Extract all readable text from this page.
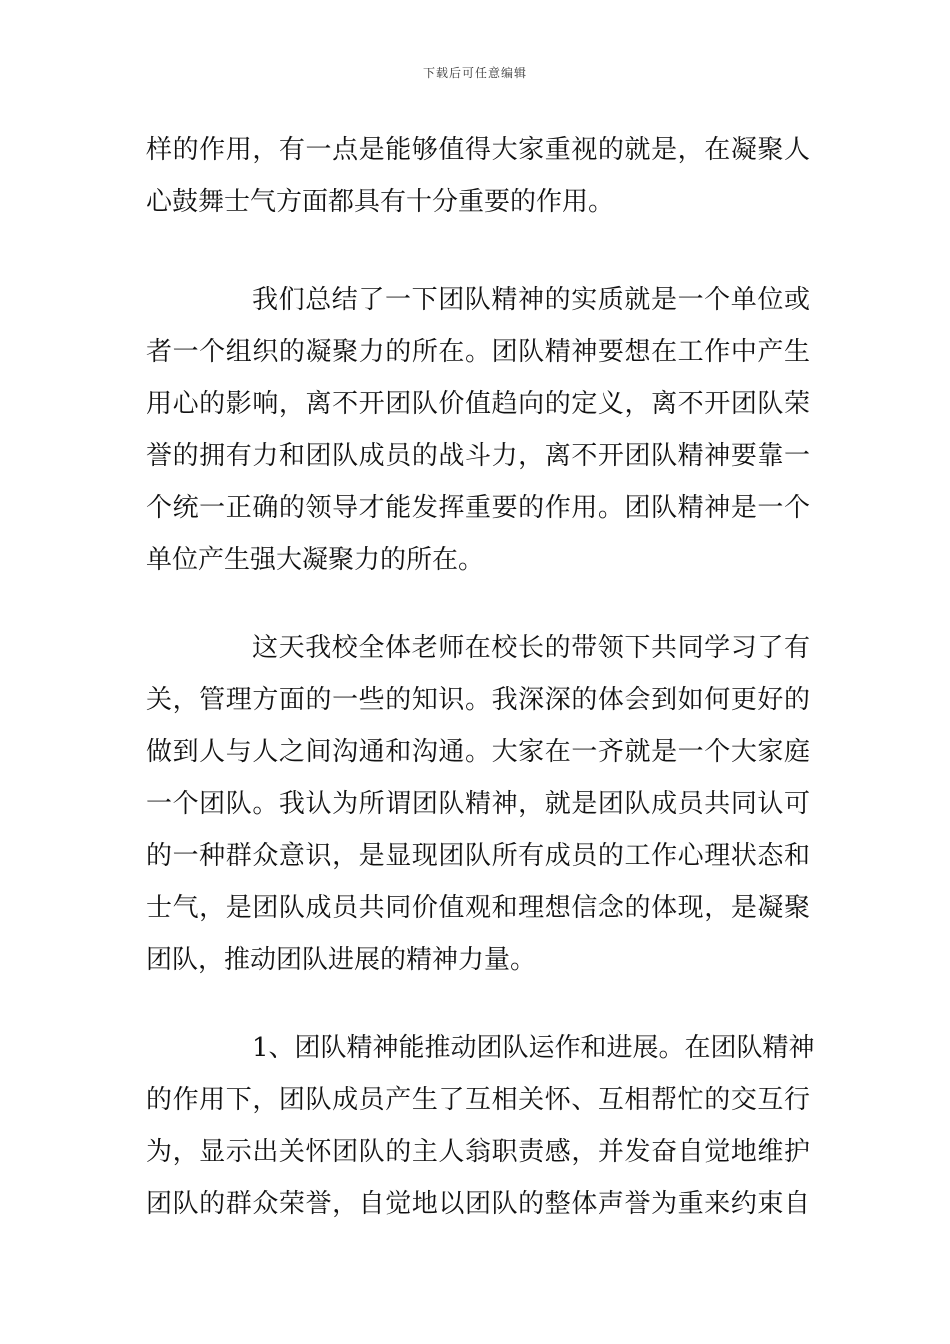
下载后可任意编辑
样的作用，有一点是能够值得大家重视的就是，在凝聚人
心鼓舞士气方面都具有十分重要的作用。
我们总结了一下团队精神的实质就是一个单位或
者一个组织的凝聚力的所在。团队精神要想在工作中产生
用心的影响，离不开团队价值趋向的定义，离不开团队荣
誉的拥有力和团队成员的战斗力，离不开团队精神要靠一
个统一正确的领导才能发挥重要的作用。团队精神是一个
单位产生强大凝聚力的所在。
这天我校全体老师在校长的带领下共同学习了有
关，管理方面的一些的知识。我深深的体会到如何更好的
做到人与人之间沟通和沟通。大家在一齐就是一个大家庭
一个团队。我认为所谓团队精神，就是团队成员共同认可
的一种群众意识，是显现团队所有成员的工作心理状态和
士气，是团队成员共同价值观和理想信念的体现，是凝聚
团队，推动团队进展的精神力量。
1、团队精神能推动团队运作和进展。在团队精神
的作用下，团队成员产生了互相关怀、互相帮忙的交互行
为，显示出关怀团队的主人翁职责感，并发奋自觉地维护
团队的群众荣誉，自觉地以团队的整体声誉为重来约束自
